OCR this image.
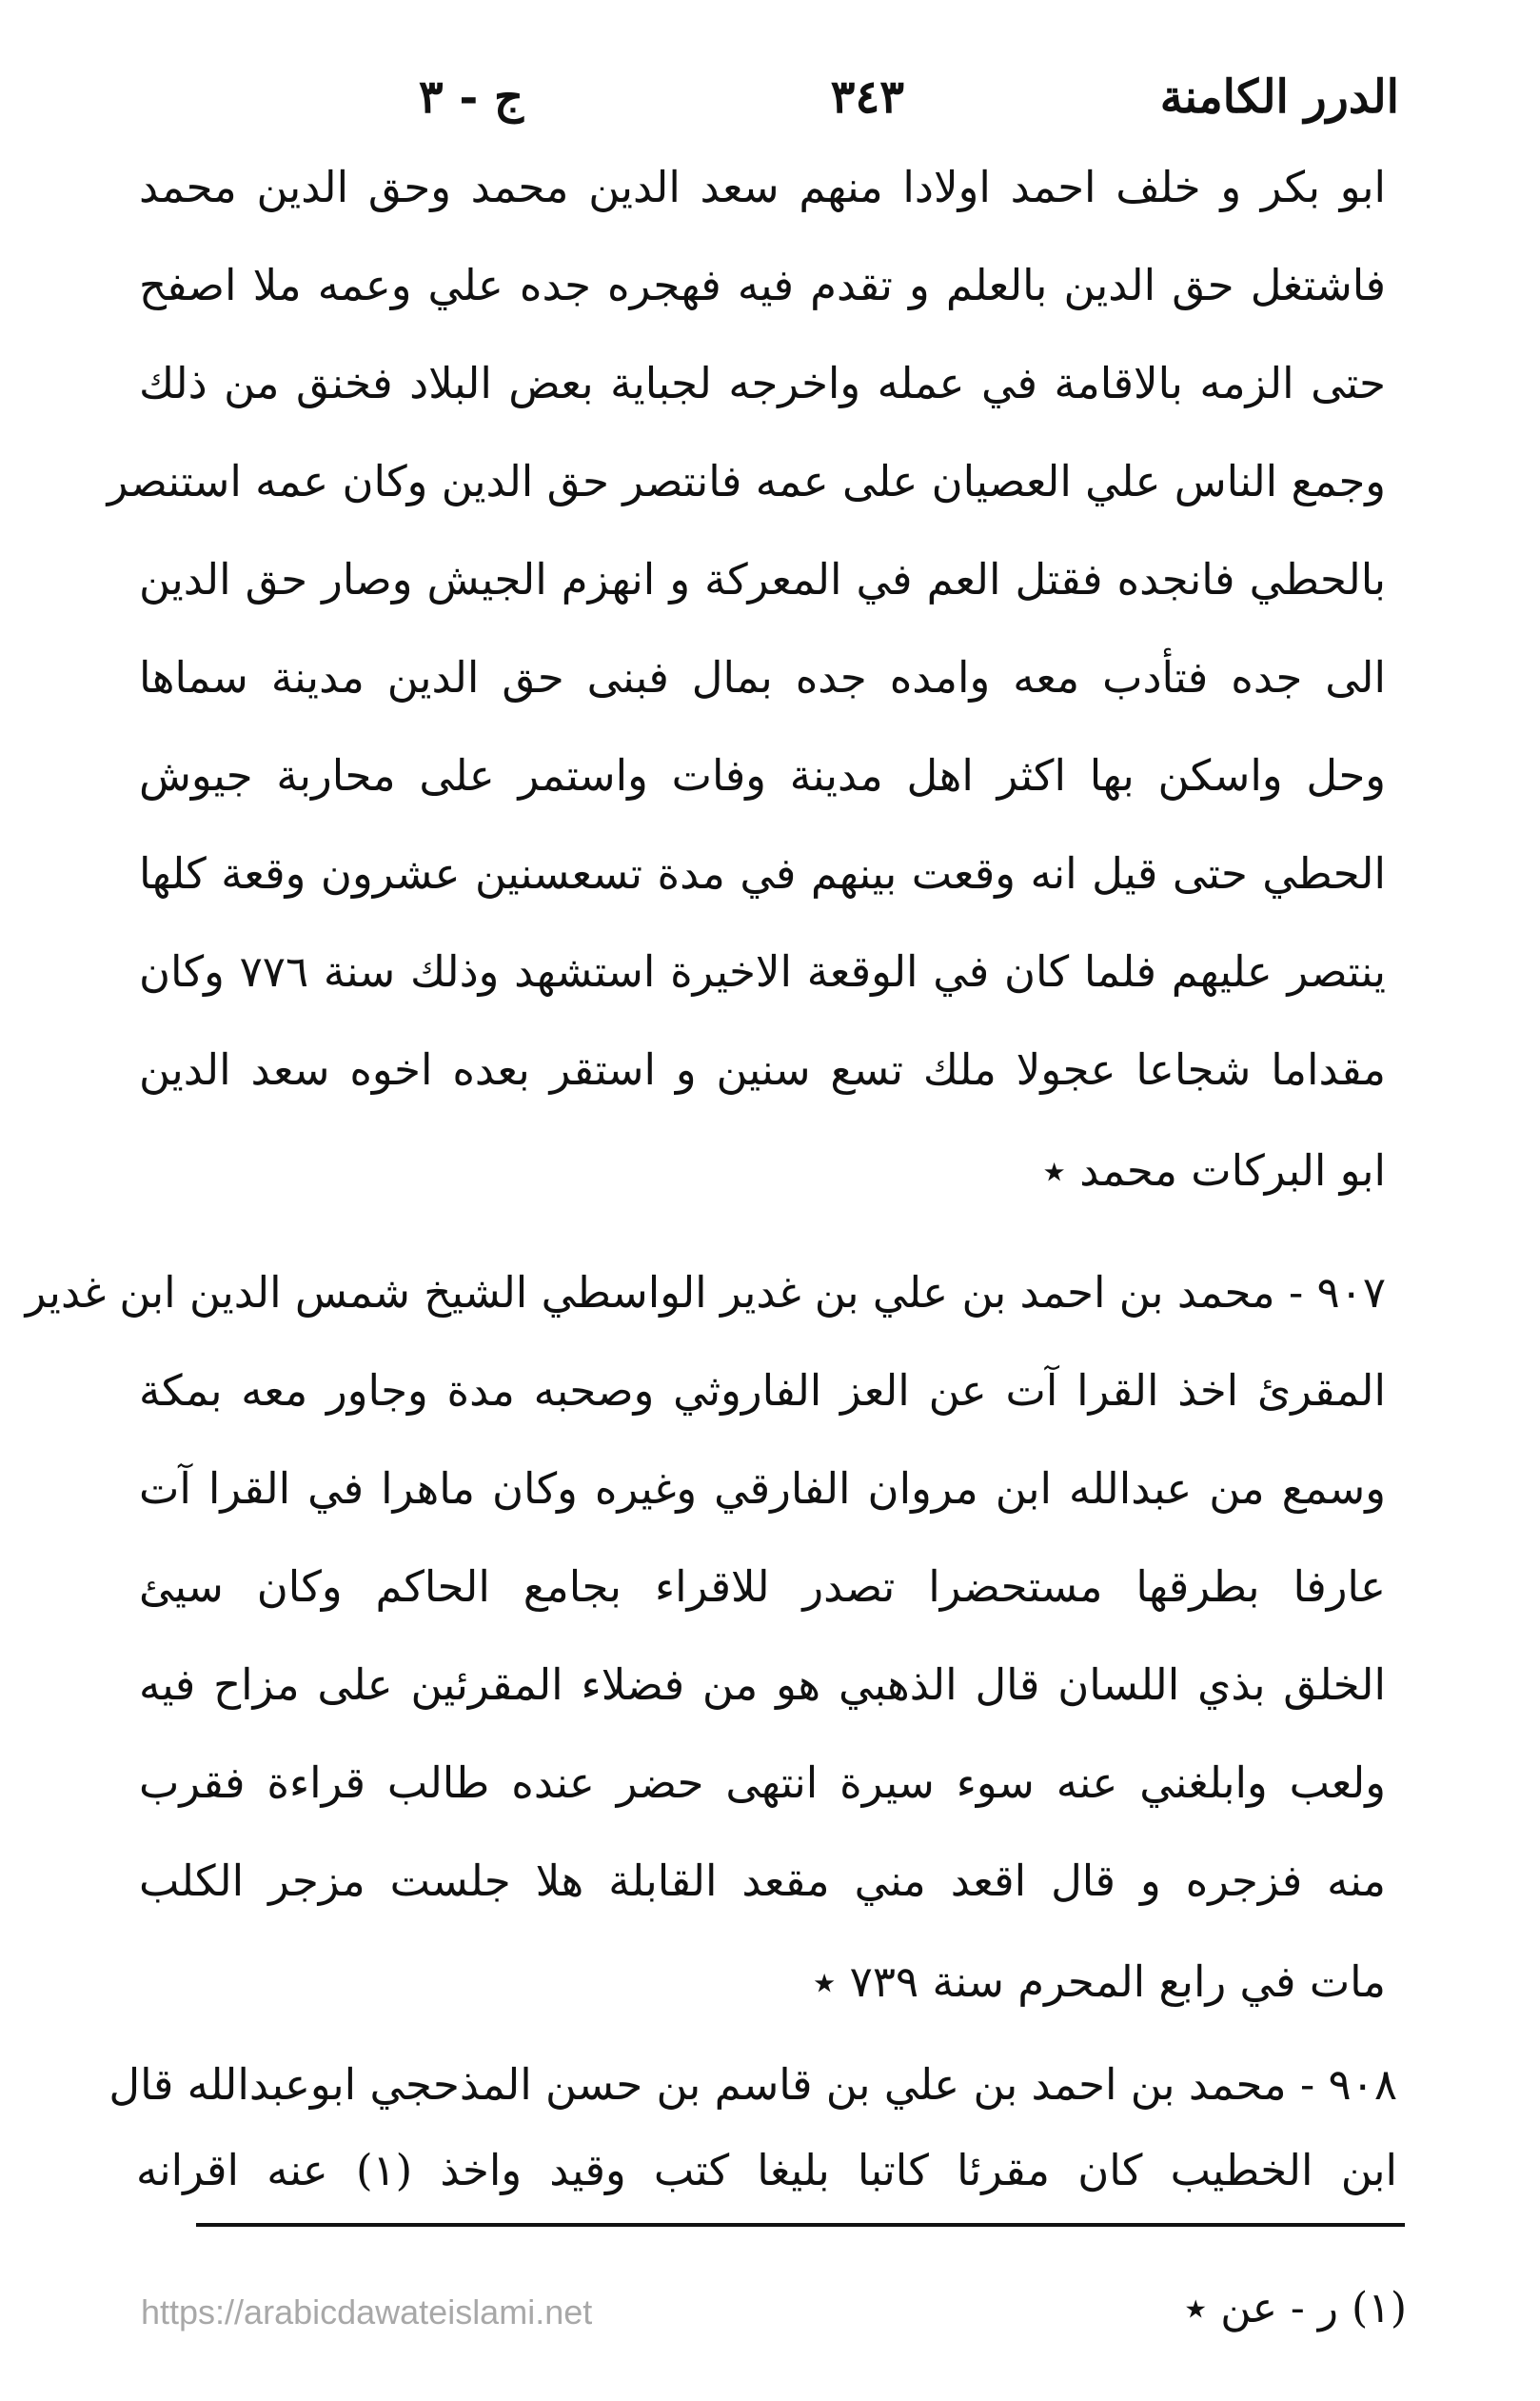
الدرر الكامنة
٣٤٣
ج - ٣
ابو بكر و خلف احمد اولادا منهم سعد الدين محمد وحق الدين محمد
فاشتغل حق الدين بالعلم و تقدم فيه فهجره جده علي وعمه ملا اصفح
حتى الزمه بالاقامة في عمله واخرجه لجباية بعض البلاد فخنق من ذلك
وجمع الناس علي العصيان على عمه فانتصر حق الدين وكان عمه استنصر
بالحطي فانجده فقتل العم في المعركة و انهزم الجيش وصار حق الدين
الى جده فتأدب معه وامده جده بمال فبنى حق الدين مدينة سماها
وحل واسكن بها اكثر اهل مدينة وفات واستمر على محاربة جيوش
الحطي حتى قيل انه وقعت بينهم في مدة تسعسنين عشرون وقعة كلها
ينتصر عليهم فلما كان في الوقعة الاخيرة استشهد وذلك سنة ٧٧٦ وكان
مقداما شجاعا عجولا ملك تسع سنين و استقر بعده اخوه سعد الدين
ابو البركات محمد ٭
٩٠٧ - محمد بن احمد بن علي بن غدير الواسطي الشيخ شمس الدين ابن غدير
المقرئ اخذ القرا آت عن العز الفاروثي وصحبه مدة وجاور معه بمكة
وسمع من عبدالله ابن مروان الفارقي وغيره وكان ماهرا في القرا آت
عارفا بطرقها مستحضرا تصدر للاقراء بجامع الحاكم وكان سيئ
الخلق بذي اللسان قال الذهبي هو من فضلاء المقرئين على مزاح فيه
ولعب وابلغني عنه سوء سيرة انتهى حضر عنده طالب قراءة فقرب
منه فزجره و قال اقعد مني مقعد القابلة هلا جلست مزجر الكلب
مات في رابع المحرم سنة ٧٣٩ ٭
٩٠٨ - محمد بن احمد بن علي بن قاسم بن حسن المذحجي ابوعبدالله قال
ابن الخطيب كان مقرئا كاتبا بليغا كتب وقيد واخذ (١) عنه اقرانه
(١) ر - عن ٭
https://arabicdawateislami.net
